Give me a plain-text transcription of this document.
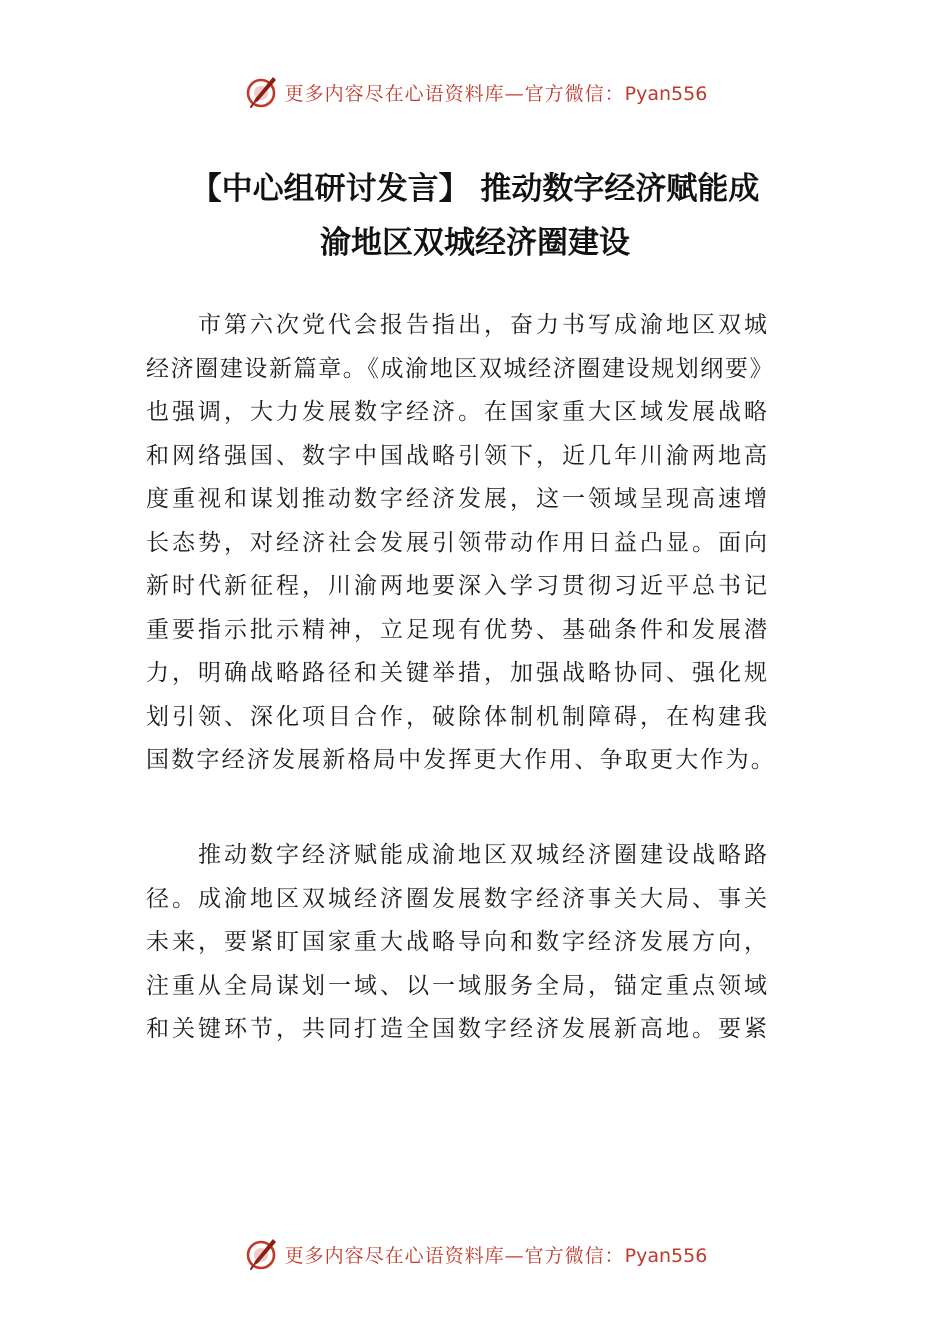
更多内容尽在心语资料库—官方微信：Pyan556
【中心组研讨发言】 推动数字经济赋能成
渝地区双城经济圈建设

　　市第六次党代会报告指出，奋力书写成渝地区双城
经济圈建设新篇章。《成渝地区双城经济圈建设规划纲要》
也强调，大力发展数字经济。在国家重大区域发展战略
和网络强国、数字中国战略引领下，近几年川渝两地高
度重视和谋划推动数字经济发展，这一领域呈现高速增
长态势，对经济社会发展引领带动作用日益凸显。面向
新时代新征程，川渝两地要深入学习贯彻习近平总书记
重要指示批示精神，立足现有优势、基础条件和发展潜
力，明确战略路径和关键举措，加强战略协同、强化规
划引领、深化项目合作，破除体制机制障碍，在构建我
国数字经济发展新格局中发挥更大作用、争取更大作为。

　　推动数字经济赋能成渝地区双城经济圈建设战略路
径。成渝地区双城经济圈发展数字经济事关大局、事关
未来，要紧盯国家重大战略导向和数字经济发展方向，
注重从全局谋划一域、以一域服务全局，锚定重点领域
和关键环节，共同打造全国数字经济发展新高地。要紧

更多内容尽在心语资料库—官方微信：Pyan556
